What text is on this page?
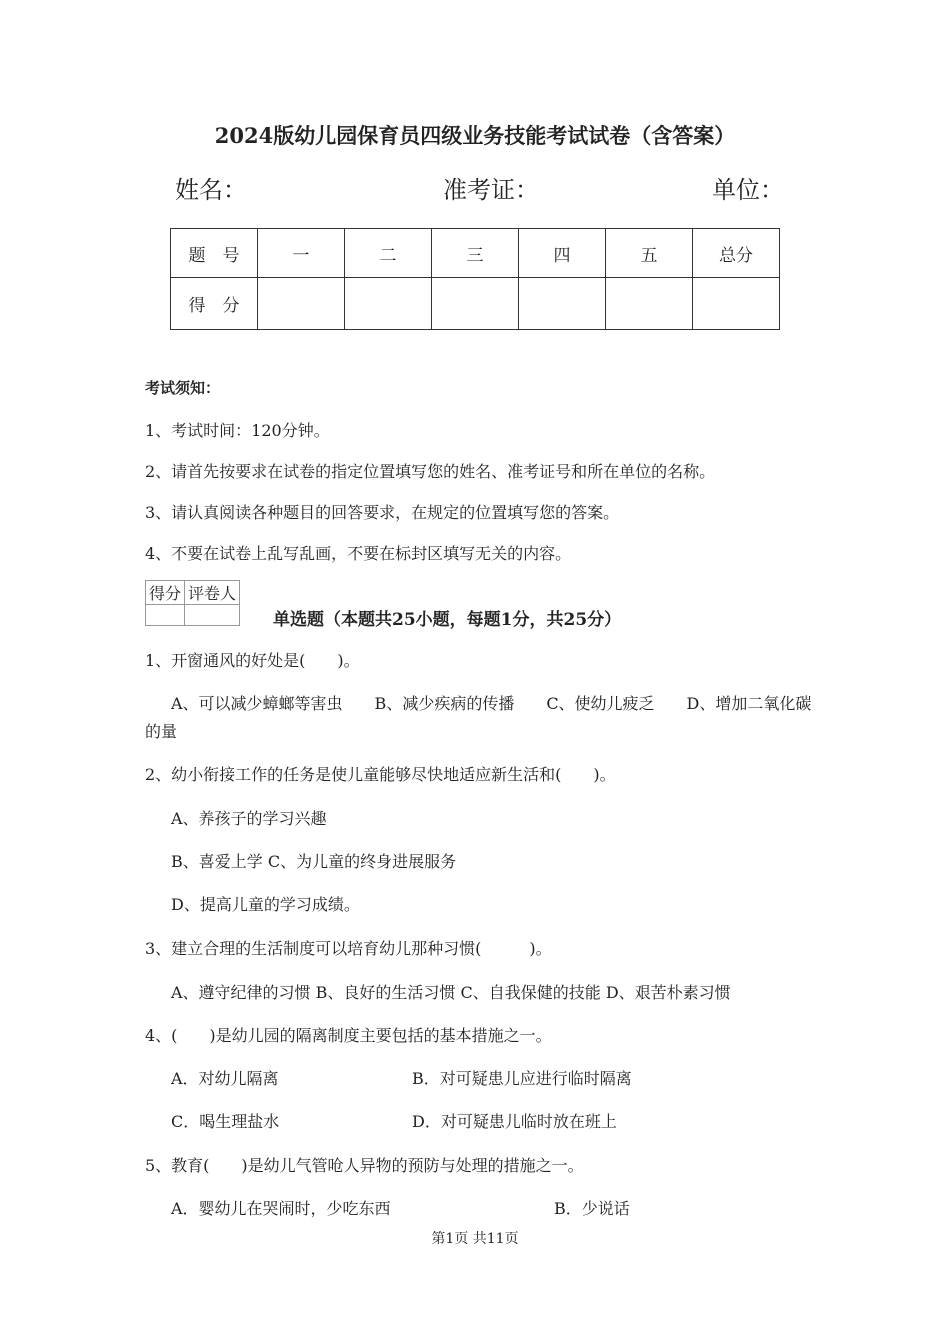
2024版幼儿园保育员四级业务技能考试试卷（含答案）
姓名：	准考证：	单位：
题　号	一	二	三	四	五	总分
得　分						
考试须知：
1、考试时间：120分钟。
2、请首先按要求在试卷的指定位置填写您的姓名、准考证号和所在单位的名称。
3、请认真阅读各种题目的回答要求，在规定的位置填写您的答案。
4、不要在试卷上乱写乱画，不要在标封区填写无关的内容。
得分	评卷人

单选题（本题共25小题，每题1分，共25分）
1、开窗通风的好处是(　　)。
A、可以减少蟑螂等害虫　　B、减少疾病的传播　　C、使幼儿疲乏　　D、增加二氧化碳
的量
2、幼小衔接工作的任务是使儿童能够尽快地适应新生活和(　　)。
A、养孩子的学习兴趣
B、喜爱上学 C、为儿童的终身进展服务
D、提高儿童的学习成绩。
3、建立合理的生活制度可以培育幼儿那种习惯(　　　)。
A、遵守纪律的习惯 B、良好的生活习惯 C、自我保健的技能 D、艰苦朴素习惯
4、(　　)是幼儿园的隔离制度主要包括的基本措施之一。
A．对幼儿隔离	B．对可疑患儿应进行临时隔离
C．喝生理盐水	D．对可疑患儿临时放在班上
5、教育(　　)是幼儿气管呛人异物的预防与处理的措施之一。
A．婴幼儿在哭闹时，少吃东西	B．少说话
第1页 共11页
